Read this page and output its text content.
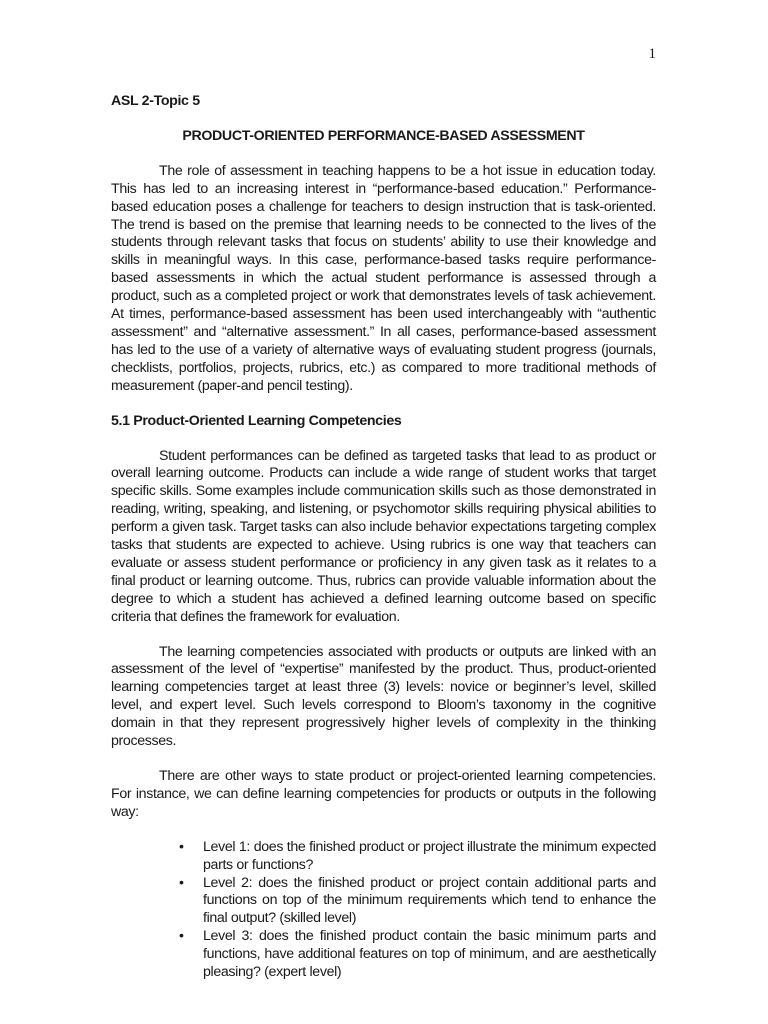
1
ASL 2-Topic 5
PRODUCT-ORIENTED PERFORMANCE-BASED ASSESSMENT

The role of assessment in teaching happens to be a hot issue in education today. This has led to an increasing interest in “performance-based education.” Performance-based education poses a challenge for teachers to design instruction that is task-oriented. The trend is based on the premise that learning needs to be connected to the lives of the students through relevant tasks that focus on students’ ability to use their knowledge and skills in meaningful ways. In this case, performance-based tasks require performance-based assessments in which the actual student performance is assessed through a product, such as a completed project or work that demonstrates levels of task achievement. At times, performance-based assessment has been used interchangeably with “authentic assessment” and “alternative assessment.” In all cases, performance-based assessment has led to the use of a variety of alternative ways of evaluating student progress (journals, checklists, portfolios, projects, rubrics, etc.) as compared to more traditional methods of measurement (paper-and pencil testing).

5.1 Product-Oriented Learning Competencies

Student performances can be defined as targeted tasks that lead to as product or overall learning outcome. Products can include a wide range of student works that target specific skills. Some examples include communication skills such as those demonstrated in reading, writing, speaking, and listening, or psychomotor skills requiring physical abilities to perform a given task. Target tasks can also include behavior expectations targeting complex tasks that students are expected to achieve. Using rubrics is one way that teachers can evaluate or assess student performance or proficiency in any given task as it relates to a final product or learning outcome. Thus, rubrics can provide valuable information about the degree to which a student has achieved a defined learning outcome based on specific criteria that defines the framework for evaluation.

The learning competencies associated with products or outputs are linked with an assessment of the level of “expertise” manifested by the product. Thus, product-oriented learning competencies target at least three (3) levels: novice or beginner’s level, skilled level, and expert level. Such levels correspond to Bloom’s taxonomy in the cognitive domain in that they represent progressively higher levels of complexity in the thinking processes.

There are other ways to state product or project-oriented learning competencies. For instance, we can define learning competencies for products or outputs in the following way:

• Level 1: does the finished product or project illustrate the minimum expected parts or functions?
• Level 2: does the finished product or project contain additional parts and functions on top of the minimum requirements which tend to enhance the final output? (skilled level)
• Level 3: does the finished product contain the basic minimum parts and functions, have additional features on top of minimum, and are aesthetically pleasing? (expert level)
